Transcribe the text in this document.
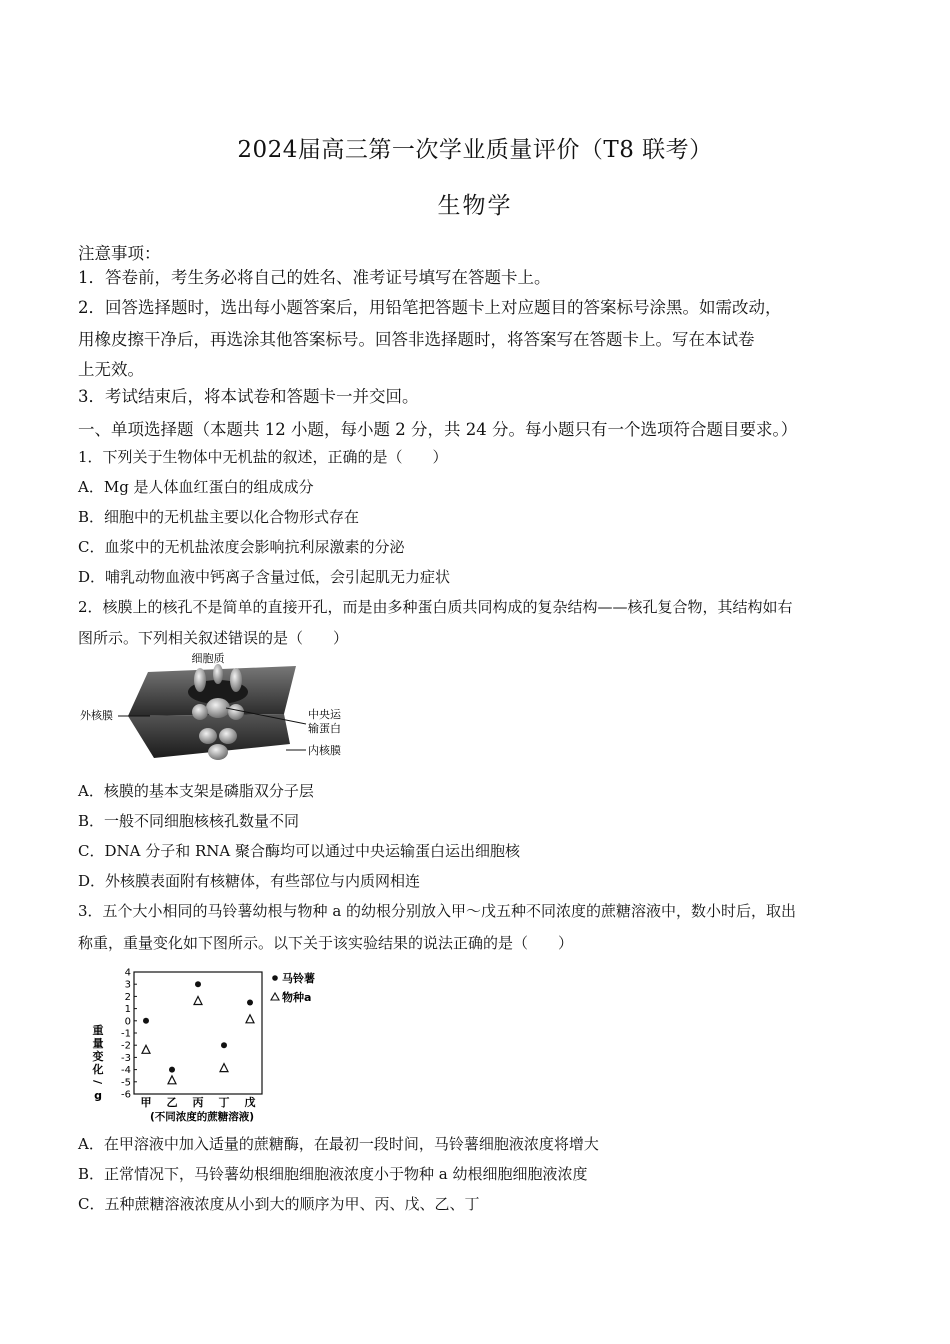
2024届高三第一次学业质量评价（T8 联考）
生物学
注意事项：
1．答卷前，考生务必将自己的姓名、准考证号填写在答题卡上。
2．回答选择题时，选出每小题答案后，用铅笔把答题卡上对应题目的答案标号涂黑。如需改动，
用橡皮擦干净后，再选涂其他答案标号。回答非选择题时，将答案写在答题卡上。写在本试卷
上无效。
3．考试结束后，将本试卷和答题卡一并交回。
一、单项选择题（本题共 12 小题，每小题 2 分，共 24 分。每小题只有一个选项符合题目要求。）
1．下列关于生物体中无机盐的叙述，正确的是（　　）
A．Mg 是人体血红蛋白的组成成分
B．细胞中的无机盐主要以化合物形式存在
C．血浆中的无机盐浓度会影响抗利尿激素的分泌
D．哺乳动物血液中钙离子含量过低，会引起肌无力症状
2．核膜上的核孔不是简单的直接开孔，而是由多种蛋白质共同构成的复杂结构——核孔复合物，其结构如右
图所示。下列相关叙述错误的是（　　）
细胞质
外核膜	中央运
输蛋白
内核膜
A．核膜的基本支架是磷脂双分子层
B．一般不同细胞核核孔数量不同
C．DNA 分子和 RNA 聚合酶均可以通过中央运输蛋白运出细胞核
D．外核膜表面附有核糖体，有些部位与内质网相连
3．五个大小相同的马铃薯幼根与物种 a 的幼根分别放入甲～戊五种不同浓度的蔗糖溶液中，数小时后，取出
称重，重量变化如下图所示。以下关于该实验结果的说法正确的是（　　）
4
3
2
1
0
-1
-2
-3
-4
-5
-6
重
量
变
化
/
g
甲 乙 丙 丁 戊
(不同浓度的蔗糖溶液)
马铃薯
物种a
A．在甲溶液中加入适量的蔗糖酶，在最初一段时间，马铃薯细胞液浓度将增大
B．正常情况下，马铃薯幼根细胞细胞液浓度小于物种 a 幼根细胞细胞液浓度
C．五种蔗糖溶液浓度从小到大的顺序为甲、丙、戊、乙、丁
